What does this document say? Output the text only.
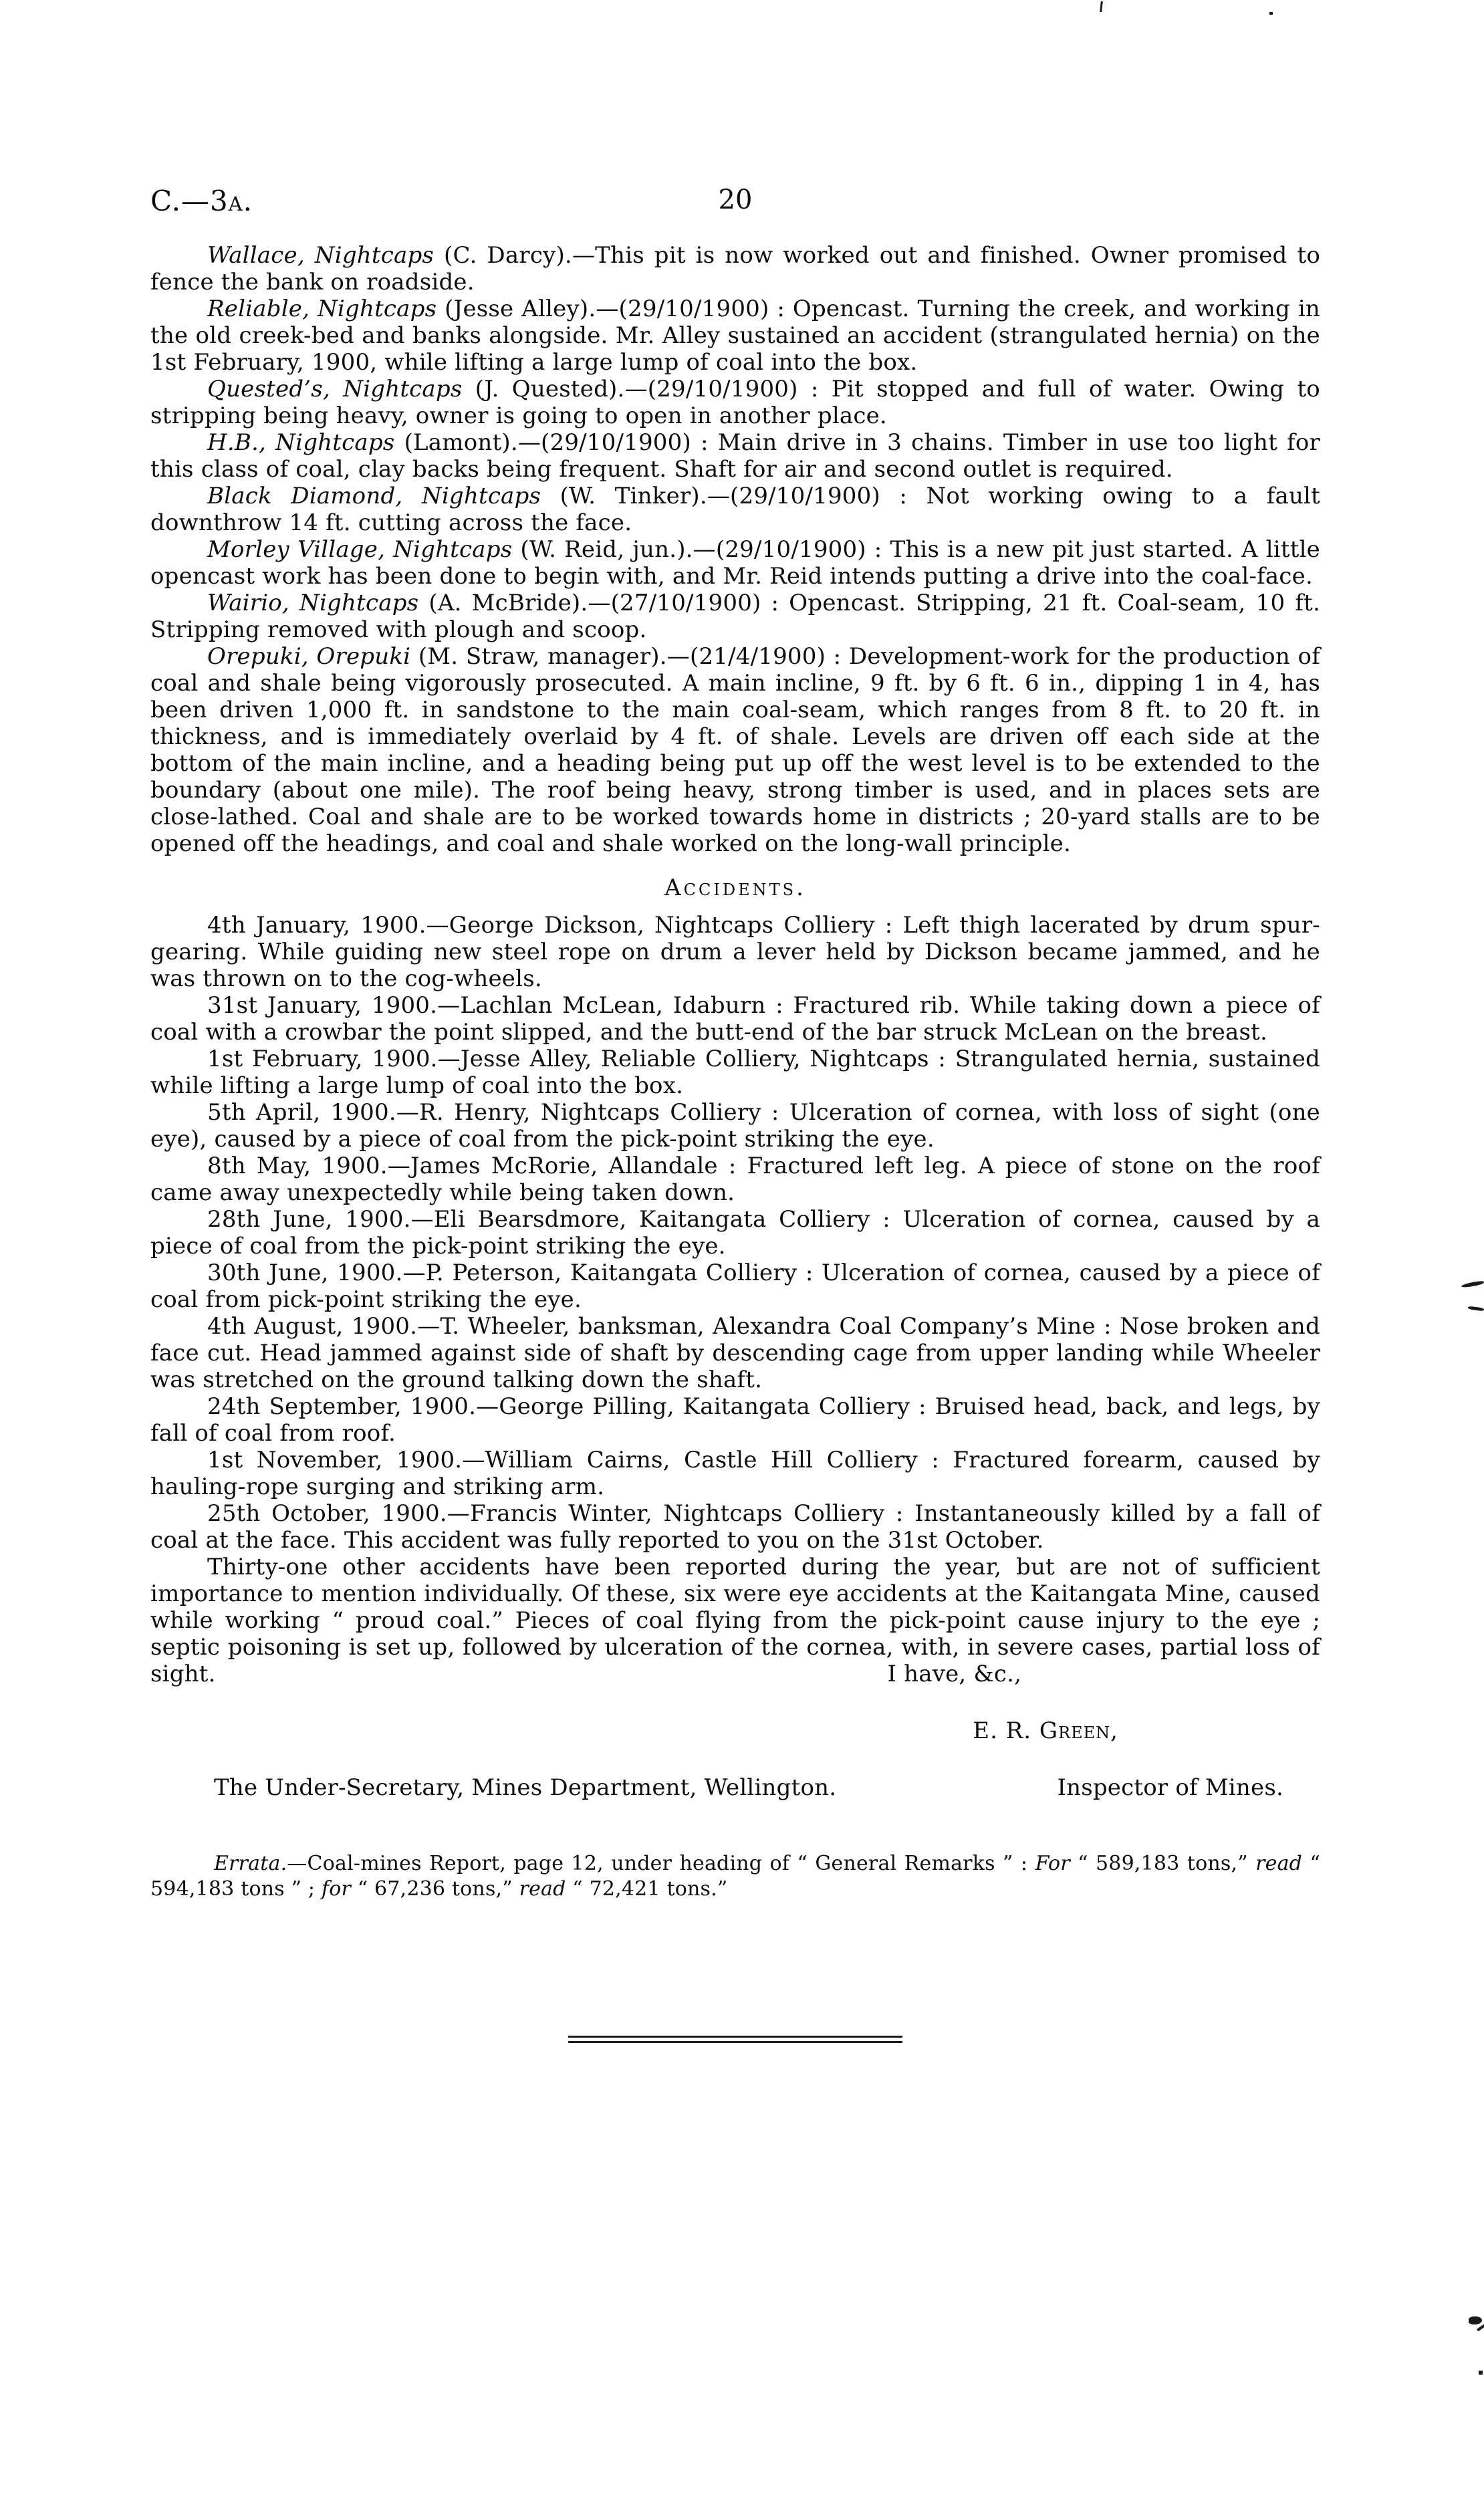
C.—3a.	20

Wallace, Nightcaps (C. Darcy).—This pit is now worked out and finished. Owner promised to fence the bank on roadside.

Reliable, Nightcaps (Jesse Alley).—(29/10/1900) : Opencast. Turning the creek, and working in the old creek-bed and banks alongside. Mr. Alley sustained an accident (strangulated hernia) on the 1st February, 1900, while lifting a large lump of coal into the box.

Quested’s, Nightcaps (J. Quested).—(29/10/1900) : Pit stopped and full of water. Owing to stripping being heavy, owner is going to open in another place.

H.B., Nightcaps (Lamont).—(29/10/1900) : Main drive in 3 chains. Timber in use too light for this class of coal, clay backs being frequent. Shaft for air and second outlet is required.

Black Diamond, Nightcaps (W. Tinker).—(29/10/1900) : Not working owing to a fault downthrow 14 ft. cutting across the face.

Morley Village, Nightcaps (W. Reid, jun.).—(29/10/1900) : This is a new pit just started. A little opencast work has been done to begin with, and Mr. Reid intends putting a drive into the coal-face.

Wairio, Nightcaps (A. McBride).—(27/10/1900) : Opencast. Stripping, 21 ft. Coal-seam, 10 ft. Stripping removed with plough and scoop.

Orepuki, Orepuki (M. Straw, manager).—(21/4/1900) : Development-work for the production of coal and shale being vigorously prosecuted. A main incline, 9 ft. by 6 ft. 6 in., dipping 1 in 4, has been driven 1,000 ft. in sandstone to the main coal-seam, which ranges from 8 ft. to 20 ft. in thickness, and is immediately overlaid by 4 ft. of shale. Levels are driven off each side at the bottom of the main incline, and a heading being put up off the west level is to be extended to the boundary (about one mile). The roof being heavy, strong timber is used, and in places sets are close-lathed. Coal and shale are to be worked towards home in districts ; 20-yard stalls are to be opened off the headings, and coal and shale worked on the long-wall principle.

Accidents.

4th January, 1900.—George Dickson, Nightcaps Colliery : Left thigh lacerated by drum spur-gearing. While guiding new steel rope on drum a lever held by Dickson became jammed, and he was thrown on to the cog-wheels.

31st January, 1900.—Lachlan McLean, Idaburn : Fractured rib. While taking down a piece of coal with a crowbar the point slipped, and the butt-end of the bar struck McLean on the breast.

1st February, 1900.—Jesse Alley, Reliable Colliery, Nightcaps : Strangulated hernia, sustained while lifting a large lump of coal into the box.

5th April, 1900.—R. Henry, Nightcaps Colliery : Ulceration of cornea, with loss of sight (one eye), caused by a piece of coal from the pick-point striking the eye.

8th May, 1900.—James McRorie, Allandale : Fractured left leg. A piece of stone on the roof came away unexpectedly while being taken down.

28th June, 1900.—Eli Bearsdmore, Kaitangata Colliery : Ulceration of cornea, caused by a piece of coal from the pick-point striking the eye.

30th June, 1900.—P. Peterson, Kaitangata Colliery : Ulceration of cornea, caused by a piece of coal from pick-point striking the eye.

4th August, 1900.—T. Wheeler, banksman, Alexandra Coal Company’s Mine : Nose broken and face cut. Head jammed against side of shaft by descending cage from upper landing while Wheeler was stretched on the ground talking down the shaft.

24th September, 1900.—George Pilling, Kaitangata Colliery : Bruised head, back, and legs, by fall of coal from roof.

1st November, 1900.—William Cairns, Castle Hill Colliery : Fractured forearm, caused by hauling-rope surging and striking arm.

25th October, 1900.—Francis Winter, Nightcaps Colliery : Instantaneously killed by a fall of coal at the face. This accident was fully reported to you on the 31st October.

Thirty-one other accidents have been reported during the year, but are not of sufficient importance to mention individually. Of these, six were eye accidents at the Kaitangata Mine, caused while working “ proud coal.” Pieces of coal flying from the pick-point cause injury to the eye ; septic poisoning is set up, followed by ulceration of the cornea, with, in severe cases, partial loss of sight.	I have, &c.,
E. R. Green,
The Under-Secretary, Mines Department, Wellington.	Inspector of Mines.

Errata.—Coal-mines Report, page 12, under heading of “ General Remarks ” : For “ 589,183 tons,” read “ 594,183 tons ” ; for “ 67,236 tons,” read “ 72,421 tons.”
